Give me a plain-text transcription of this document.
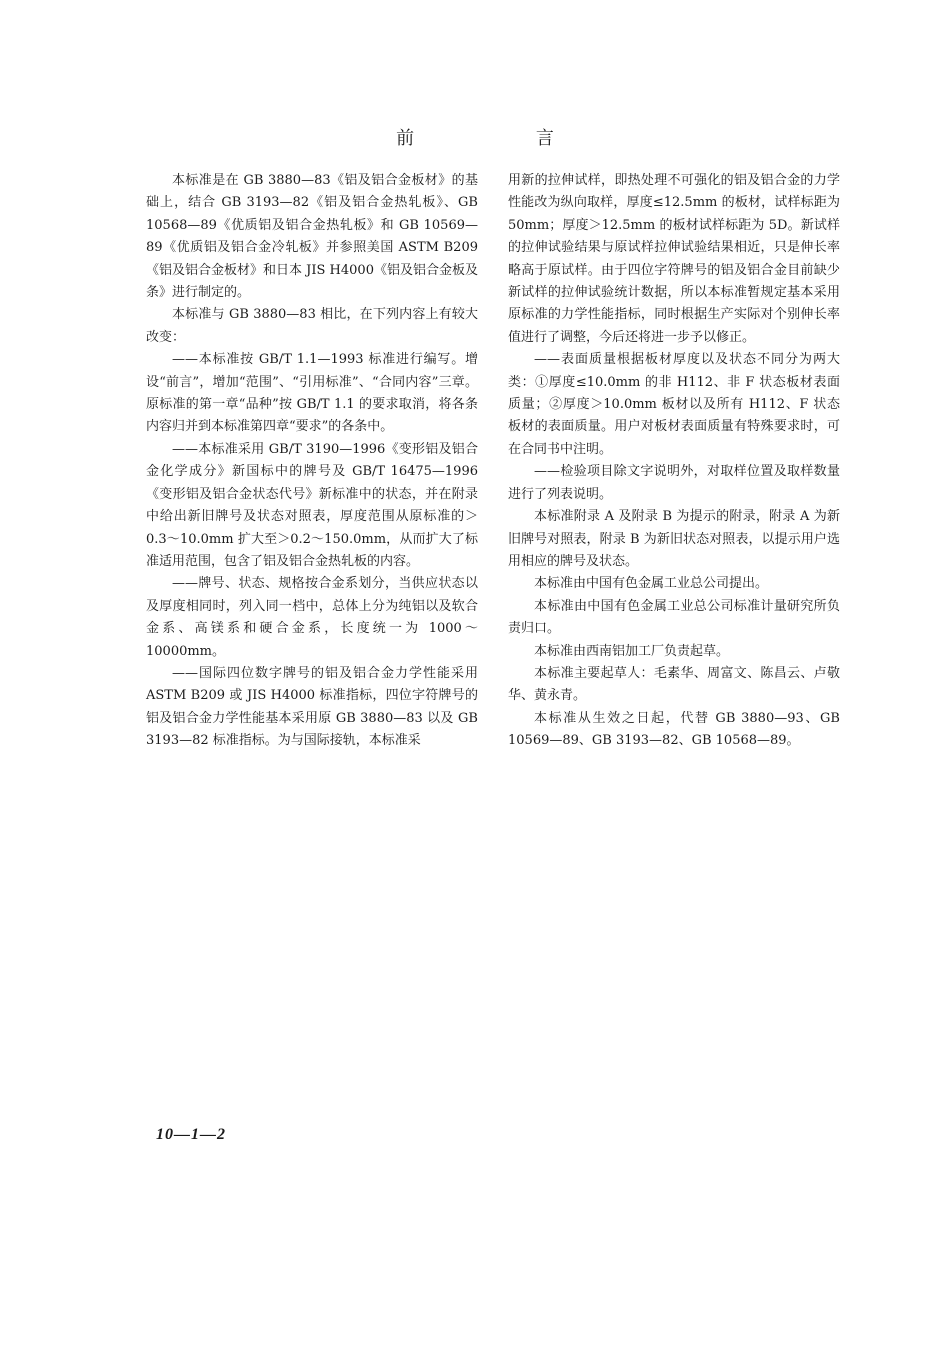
前 言

本标准是在 GB 3880—83《铝及铝合金板材》的基础上，结合 GB 3193—82《铝及铝合金热轧板》、GB 10568—89《优质铝及铝合金热轧板》和 GB 10569—89《优质铝及铝合金冷轧板》并参照美国 ASTM B209《铝及铝合金板材》和日本 JIS H4000《铝及铝合金板及条》进行制定的。

本标准与 GB 3880—83 相比，在下列内容上有较大改变：

——本标准按 GB/T 1.1—1993 标准进行编写。增设“前言”，增加“范围”、“引用标准”、“合同内容”三章。原标准的第一章“品种”按 GB/T 1.1 的要求取消，将各条内容归并到本标准第四章“要求”的各条中。

——本标准采用 GB/T 3190—1996《变形铝及铝合金化学成分》新国标中的牌号及 GB/T 16475—1996《变形铝及铝合金状态代号》新标准中的状态，并在附录中给出新旧牌号及状态对照表，厚度范围从原标准的＞0.3～10.0mm 扩大至＞0.2～150.0mm，从而扩大了标准适用范围，包含了铝及铝合金热轧板的内容。

——牌号、状态、规格按合金系划分，当供应状态以及厚度相同时，列入同一档中，总体上分为纯铝以及软合金系、高镁系和硬合金系，长度统一为 1000～10000mm。

——国际四位数字牌号的铝及铝合金力学性能采用 ASTM B209 或 JIS H4000 标准指标，四位字符牌号的铝及铝合金力学性能基本采用原 GB 3880—83 以及 GB 3193—82 标准指标。为与国际接轨，本标准采

用新的拉伸试样，即热处理不可强化的铝及铝合金的力学性能改为纵向取样，厚度≤12.5mm 的板材，试样标距为 50mm；厚度＞12.5mm 的板材试样标距为 5D。新试样的拉伸试验结果与原试样拉伸试验结果相近，只是伸长率略高于原试样。由于四位字符牌号的铝及铝合金目前缺少新试样的拉伸试验统计数据，所以本标准暂规定基本采用原标准的力学性能指标，同时根据生产实际对个别伸长率值进行了调整，今后还将进一步予以修正。

——表面质量根据板材厚度以及状态不同分为两大类：①厚度≤10.0mm 的非 H112、非 F 状态板材表面质量；②厚度＞10.0mm 板材以及所有 H112、F 状态板材的表面质量。用户对板材表面质量有特殊要求时，可在合同书中注明。

——检验项目除文字说明外，对取样位置及取样数量进行了列表说明。

本标准附录 A 及附录 B 为提示的附录，附录 A 为新旧牌号对照表，附录 B 为新旧状态对照表，以提示用户选用相应的牌号及状态。

本标准由中国有色金属工业总公司提出。

本标准由中国有色金属工业总公司标准计量研究所负责归口。

本标准由西南铝加工厂负责起草。

本标准主要起草人：毛素华、周富文、陈昌云、卢敬华、黄永青。

本标准从生效之日起，代替 GB 3880—93、GB 10569—89、GB 3193—82、GB 10568—89。

10—1—2
